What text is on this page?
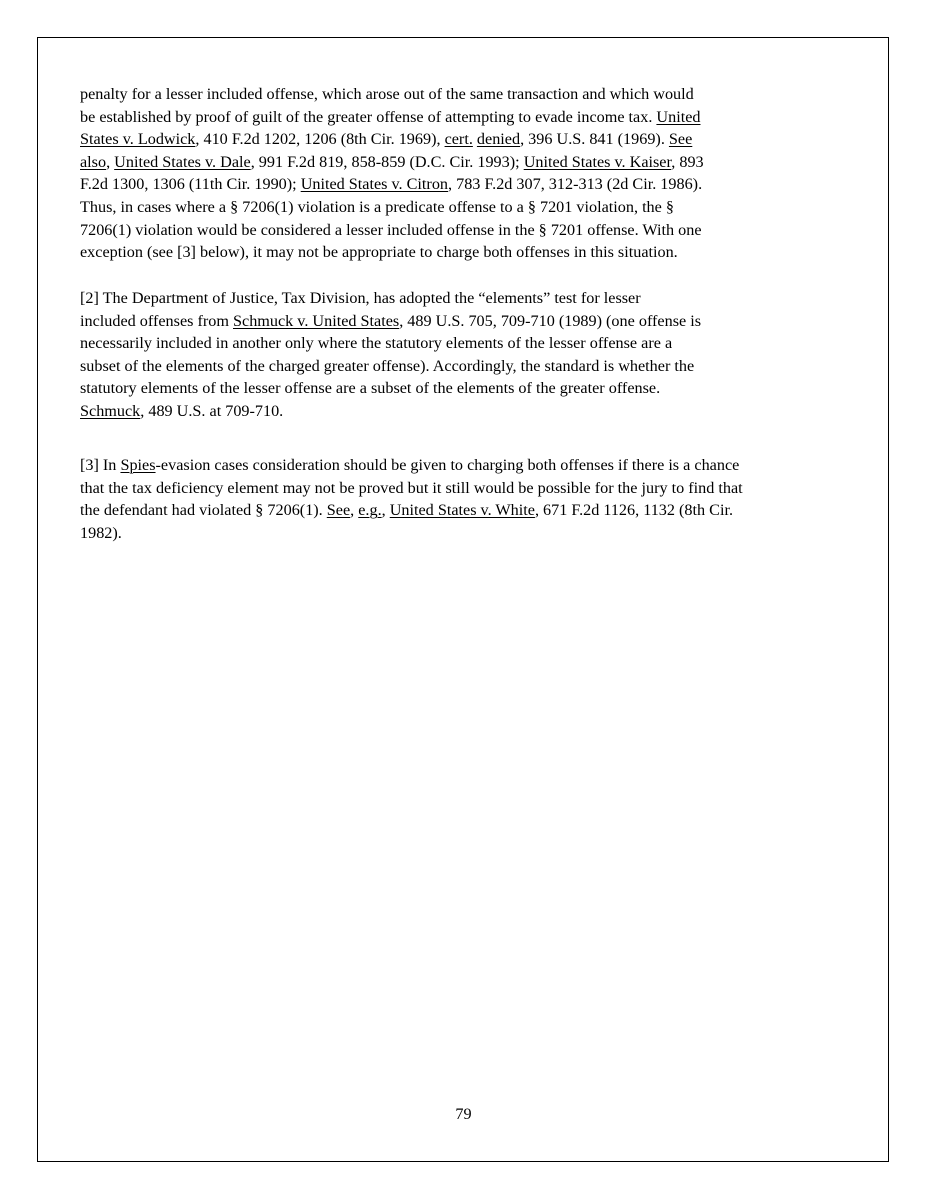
penalty for a lesser included offense, which arose out of the same transaction and which would
be established by proof of guilt of the greater offense of attempting to evade income tax. United
States v. Lodwick, 410 F.2d 1202, 1206 (8th Cir. 1969), cert. denied, 396 U.S. 841 (1969). See
also, United States v. Dale, 991 F.2d 819, 858-859 (D.C. Cir. 1993); United States v. Kaiser, 893
F.2d 1300, 1306 (11th Cir. 1990); United States v. Citron, 783 F.2d 307, 312-313 (2d Cir. 1986).
Thus, in cases where a § 7206(1) violation is a predicate offense to a § 7201 violation, the §
7206(1) violation would be considered a lesser included offense in the § 7201 offense. With one
exception (see [3] below), it may not be appropriate to charge both offenses in this situation.

[2] The Department of Justice, Tax Division, has adopted the “elements” test for lesser
included offenses from Schmuck v. United States, 489 U.S. 705, 709-710 (1989) (one offense is
necessarily included in another only where the statutory elements of the lesser offense are a
subset of the elements of the charged greater offense). Accordingly, the standard is whether the
statutory elements of the lesser offense are a subset of the elements of the greater offense.
Schmuck, 489 U.S. at 709-710.

[3] In Spies-evasion cases consideration should be given to charging both offenses if there is a chance
that the tax deficiency element may not be proved but it still would be possible for the jury to find that
the defendant had violated § 7206(1). See, e.g., United States v. White, 671 F.2d 1126, 1132 (8th Cir.
1982).

79
